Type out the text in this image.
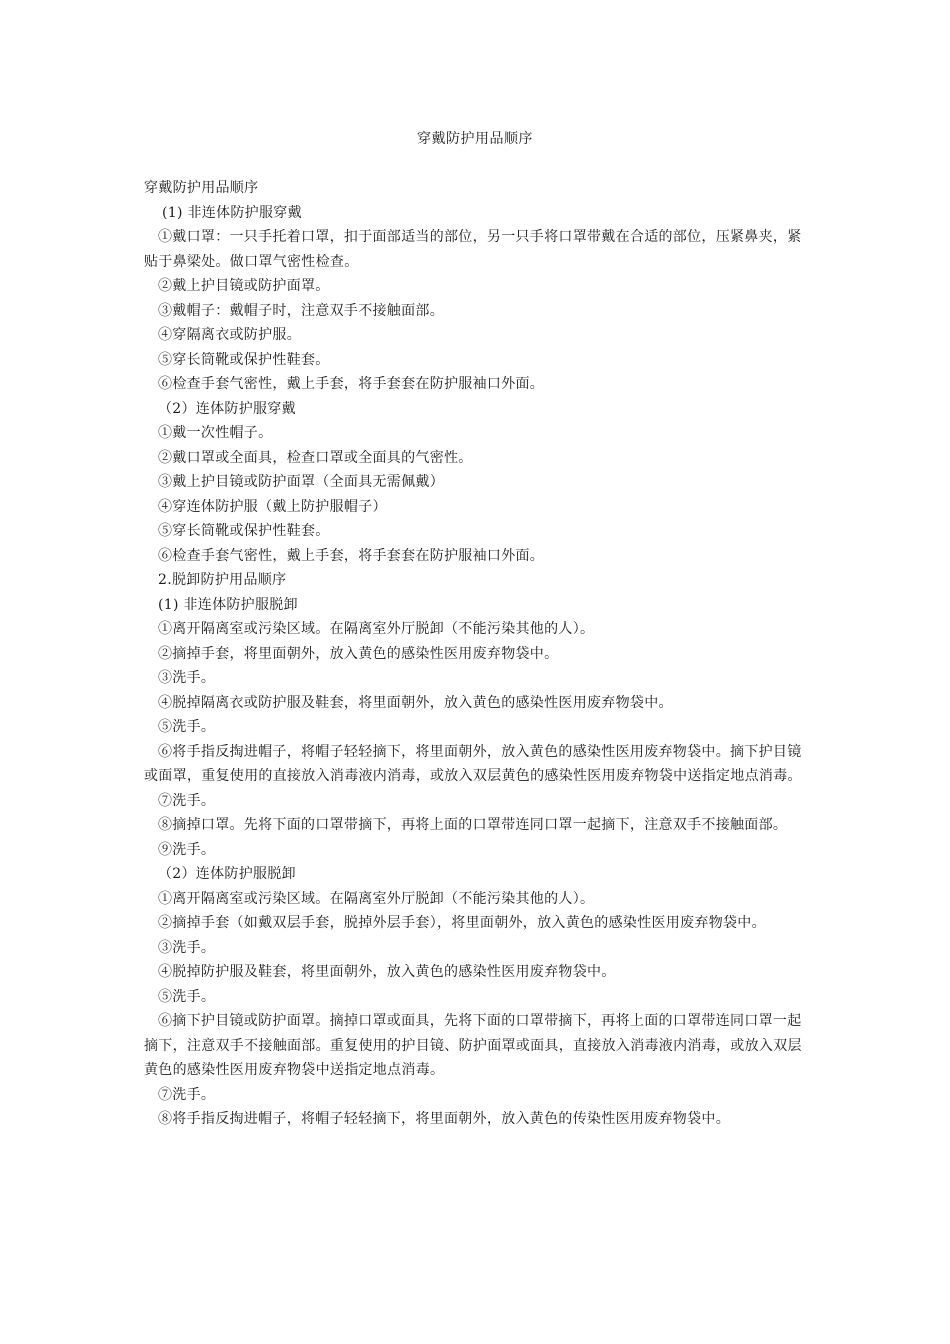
穿戴防护用品顺序

穿戴防护用品顺序

(1) 非连体防护服穿戴

①戴口罩：一只手托着口罩，扣于面部适当的部位，另一只手将口罩带戴在合适的部位，压紧鼻夹，紧贴于鼻梁处。做口罩气密性检查。

②戴上护目镜或防护面罩。

③戴帽子：戴帽子时，注意双手不接触面部。

④穿隔离衣或防护服。

⑤穿长筒靴或保护性鞋套。

⑥检查手套气密性，戴上手套，将手套套在防护服袖口外面。

（2）连体防护服穿戴

①戴一次性帽子。

②戴口罩或全面具，检查口罩或全面具的气密性。

③戴上护目镜或防护面罩（全面具无需佩戴）

④穿连体防护服（戴上防护服帽子）

⑤穿长筒靴或保护性鞋套。

⑥检查手套气密性，戴上手套，将手套套在防护服袖口外面。

2.脱卸防护用品顺序

(1) 非连体防护服脱卸

①离开隔离室或污染区域。在隔离室外厅脱卸（不能污染其他的人）。

②摘掉手套，将里面朝外，放入黄色的感染性医用废弃物袋中。

③洗手。

④脱掉隔离衣或防护服及鞋套，将里面朝外，放入黄色的感染性医用废弃物袋中。

⑤洗手。

⑥将手指反掏进帽子，将帽子轻轻摘下，将里面朝外，放入黄色的感染性医用废弃物袋中。摘下护目镜或面罩，重复使用的直接放入消毒液内消毒，或放入双层黄色的感染性医用废弃物袋中送指定地点消毒。

⑦洗手。

⑧摘掉口罩。先将下面的口罩带摘下，再将上面的口罩带连同口罩一起摘下，注意双手不接触面部。

⑨洗手。

（2）连体防护服脱卸

①离开隔离室或污染区域。在隔离室外厅脱卸（不能污染其他的人）。

②摘掉手套（如戴双层手套，脱掉外层手套），将里面朝外，放入黄色的感染性医用废弃物袋中。

③洗手。

④脱掉防护服及鞋套，将里面朝外，放入黄色的感染性医用废弃物袋中。

⑤洗手。

⑥摘下护目镜或防护面罩。摘掉口罩或面具，先将下面的口罩带摘下，再将上面的口罩带连同口罩一起摘下，注意双手不接触面部。重复使用的护目镜、防护面罩或面具，直接放入消毒液内消毒，或放入双层黄色的感染性医用废弃物袋中送指定地点消毒。

⑦洗手。

⑧将手指反掏进帽子，将帽子轻轻摘下，将里面朝外，放入黄色的传染性医用废弃物袋中。
